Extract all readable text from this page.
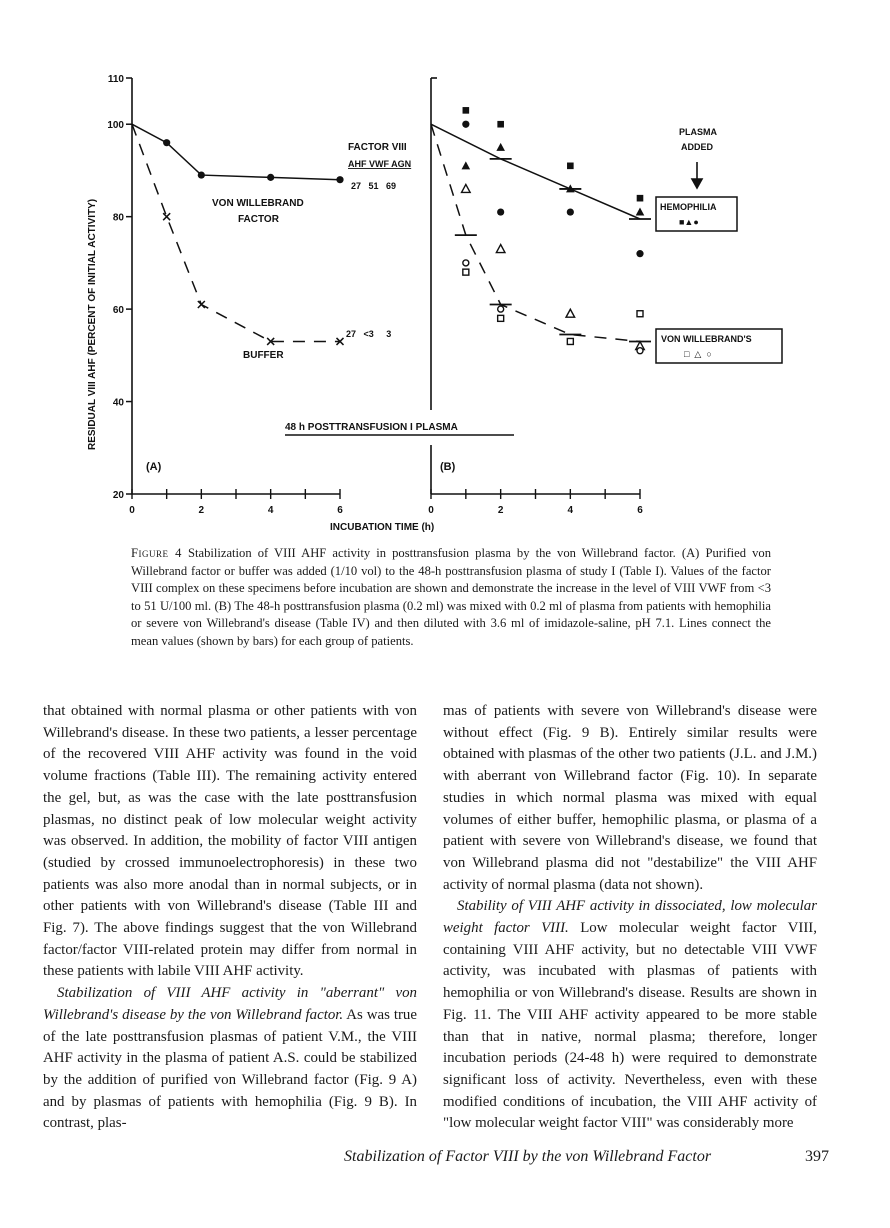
110
100
80
60
40
20
0	2	4	6	0	2	4	6
RESIDUAL VIII AHF (PERCENT OF INITIAL ACTIVITY)
INCUBATION TIME (h)
(A)	(B)
FACTOR VIII
AHF VWF AGN
27   51   69
27   <3     3
VON WILLEBRAND
FACTOR
BUFFER
48 h POSTTRANSFUSION I PLASMA
PLASMA
ADDED
HEMOPHILIA
■▲●
VON WILLEBRAND'S
□  △  ○
Figure 4 Stabilization of VIII AHF activity in posttransfusion plasma by the von Willebrand factor. (A) Purified von Willebrand factor or buffer was added (1/10 vol) to the 48-h posttransfusion plasma of study I (Table I). Values of the factor VIII complex on these specimens before incubation are shown and demonstrate the increase in the level of VIII VWF from <3 to 51 U/100 ml. (B) The 48-h posttransfusion plasma (0.2 ml) was mixed with 0.2 ml of plasma from patients with hemophilia or severe von Willebrand's disease (Table IV) and then diluted with 3.6 ml of imidazole-saline, pH 7.1. Lines connect the mean values (shown by bars) for each group of patients.

that obtained with normal plasma or other patients with von Willebrand's disease. In these two patients, a lesser percentage of the recovered VIII AHF activity was found in the void volume fractions (Table III). The remaining activity entered the gel, but, as was the case with the late posttransfusion plasmas, no distinct peak of low molecular weight activity was observed. In addition, the mobility of factor VIII antigen (studied by crossed immunoelectrophoresis) in these two patients was also more anodal than in normal subjects, or in other patients with von Willebrand's disease (Table III and Fig. 7). The above findings suggest that the von Willebrand factor/factor VIII-related protein may differ from normal in these patients with labile VIII AHF activity.

Stabilization of VIII AHF activity in "aberrant" von Willebrand's disease by the von Willebrand factor. As was true of the late posttransfusion plasmas of patient V.M., the VIII AHF activity in the plasma of patient A.S. could be stabilized by the addition of purified von Willebrand factor (Fig. 9 A) and by plasmas of patients with hemophilia (Fig. 9 B). In contrast, plas-

mas of patients with severe von Willebrand's disease were without effect (Fig. 9 B). Entirely similar results were obtained with plasmas of the other two patients (J.L. and J.M.) with aberrant von Willebrand factor (Fig. 10). In separate studies in which normal plasma was mixed with equal volumes of either buffer, hemophilic plasma, or plasma of a patient with severe von Willebrand's disease, we found that von Willebrand plasma did not "destabilize" the VIII AHF activity of normal plasma (data not shown).

Stability of VIII AHF activity in dissociated, low molecular weight factor VIII. Low molecular weight factor VIII, containing VIII AHF activity, but no detectable VIII VWF activity, was incubated with plasmas of patients with hemophilia or von Willebrand's disease. Results are shown in Fig. 11. The VIII AHF activity appeared to be more stable than that in native, normal plasma; therefore, longer incubation periods (24-48 h) were required to demonstrate significant loss of activity. Nevertheless, even with these modified conditions of incubation, the VIII AHF activity of "low molecular weight factor VIII" was considerably more

Stabilization of Factor VIII by the von Willebrand Factor	397
